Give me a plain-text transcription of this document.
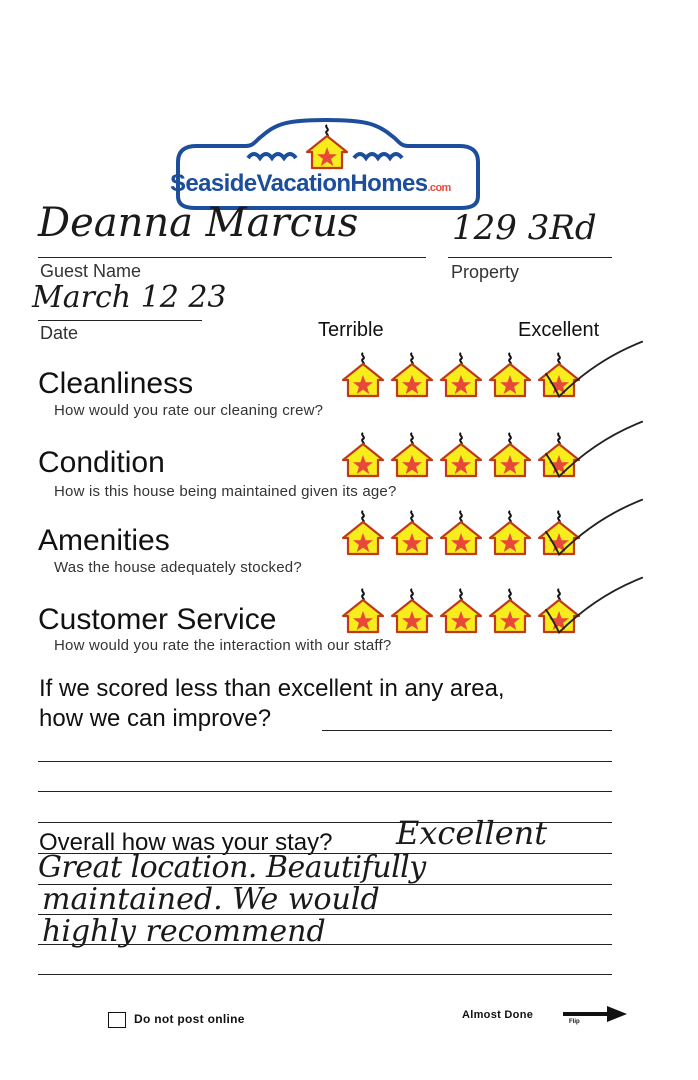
SeasideVacationHomes.com
Deanna Marcus
Guest Name
129 3Rd
Property
March 12 23
Date	Terrible	Excellent
Cleanliness
How would you rate our cleaning crew?
Condition
How is this house being maintained given its age?
Amenities
Was the house adequately stocked?
Customer Service
How would you rate the interaction with our staff?
If we scored less than excellent in any area,
how we can improve?
Overall how was your stay? Excellent
Great location. Beautifully
maintained. We would
highly recommend
Do not post online	Almost Done
Flip
